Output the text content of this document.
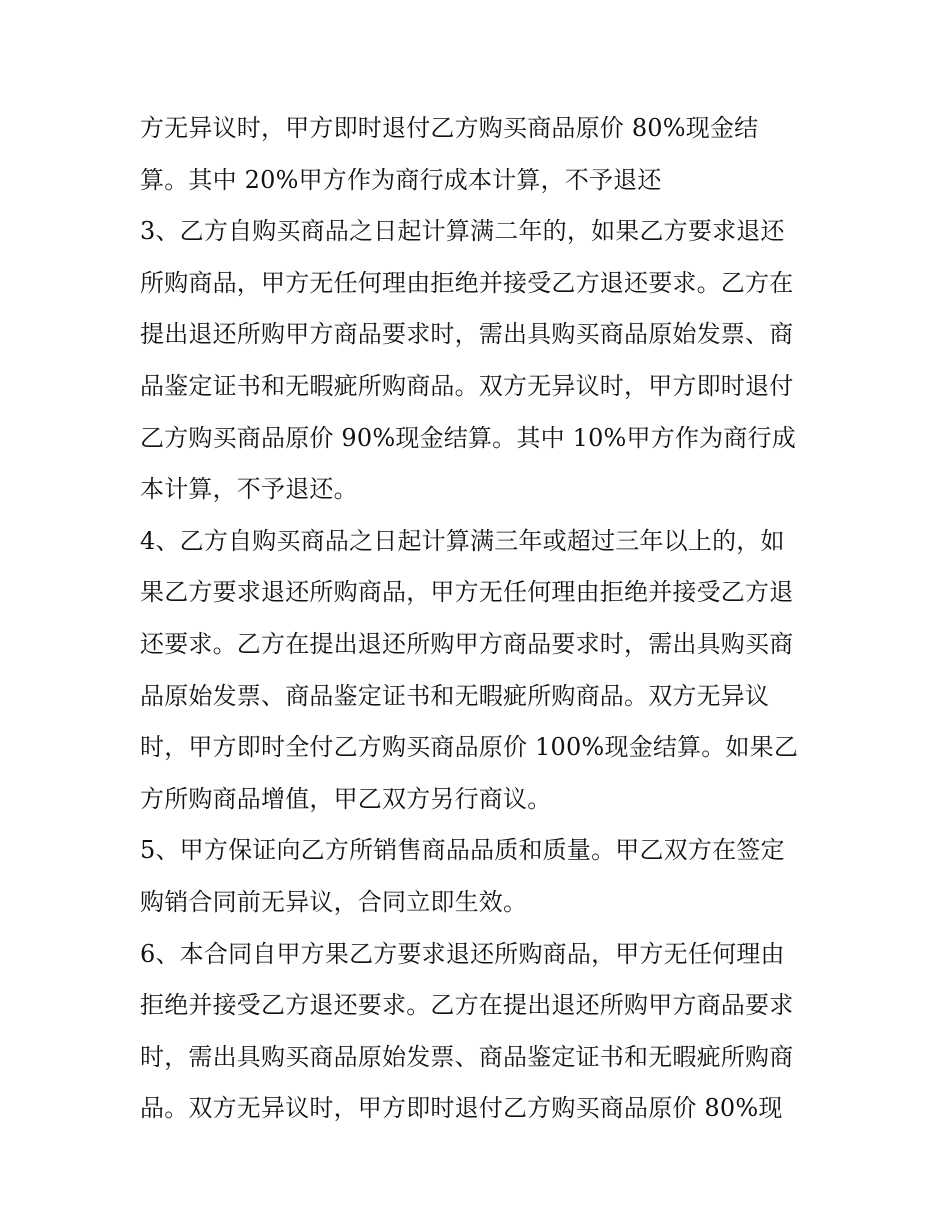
方无异议时，甲方即时退付乙方购买商品原价 80%现金结
算。其中 20%甲方作为商行成本计算，不予退还
3、乙方自购买商品之日起计算满二年的，如果乙方要求退还
所购商品，甲方无任何理由拒绝并接受乙方退还要求。乙方在
提出退还所购甲方商品要求时，需出具购买商品原始发票、商
品鉴定证书和无暇疵所购商品。双方无异议时，甲方即时退付
乙方购买商品原价 90%现金结算。其中 10%甲方作为商行成
本计算，不予退还。
4、乙方自购买商品之日起计算满三年或超过三年以上的，如
果乙方要求退还所购商品，甲方无任何理由拒绝并接受乙方退
还要求。乙方在提出退还所购甲方商品要求时，需出具购买商
品原始发票、商品鉴定证书和无暇疵所购商品。双方无异议
时，甲方即时全付乙方购买商品原价 100%现金结算。如果乙
方所购商品增值，甲乙双方另行商议。
5、甲方保证向乙方所销售商品品质和质量。甲乙双方在签定
购销合同前无异议，合同立即生效。
6、本合同自甲方果乙方要求退还所购商品，甲方无任何理由
拒绝并接受乙方退还要求。乙方在提出退还所购甲方商品要求
时，需出具购买商品原始发票、商品鉴定证书和无暇疵所购商
品。双方无异议时，甲方即时退付乙方购买商品原价 80%现
